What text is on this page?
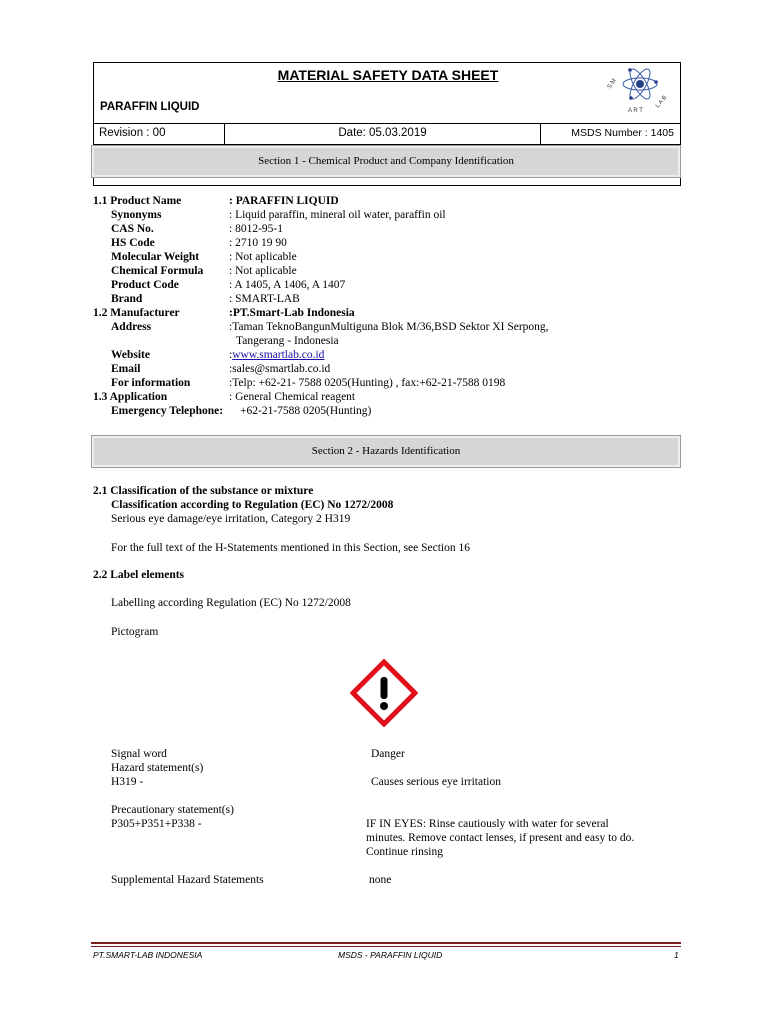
MATERIAL SAFETY DATA SHEET
PARAFFIN LIQUID
Revision : 00	Date: 05.03.2019	MSDS Number : 1405
S M
A R T
L A B
Section 1 - Chemical Product and Company Identification
1.1 Product Name	: PARAFFIN LIQUID
Synonyms	: Liquid paraffin, mineral oil water, paraffin oil
CAS No.	: 8012-95-1
HS Code	: 2710 19 90
Molecular Weight	: Not aplicable
Chemical Formula : Not aplicable
Product Code	: A 1405, A 1406, A 1407
Brand	: SMART-LAB
1.2 Manufacturer	:PT.Smart-Lab Indonesia
Address	:Taman TeknoBangunMultiguna Blok M/36,BSD Sektor XI Serpong,
Tangerang - Indonesia
Website	:www.smartlab.co.id
Email	:sales@smartlab.co.id
For information	:Telp: +62-21- 7588 0205(Hunting) , fax:+62-21-7588 0198
1.3 Application	: General Chemical reagent
Emergency Telephone: +62-21-7588 0205(Hunting)
Section 2 - Hazards Identification
2.1 Classification of the substance or mixture
Classification according to Regulation (EC) No 1272/2008
Serious eye damage/eye irritation, Category 2 H319
For the full text of the H-Statements mentioned in this Section, see Section 16
2.2 Label elements
Labelling according Regulation (EC) No 1272/2008
Pictogram
Signal word	Danger
Hazard statement(s)
H319 -	Causes serious eye irritation
Precautionary statement(s)
P305+P351+P338 -	IF IN EYES: Rinse cautiously with water for several
minutes. Remove contact lenses, if present and easy to do.
Continue rinsing
Supplemental Hazard Statements	none
PT.SMART-LAB INDONESIA	MSDS - PARAFFIN LIQUID	1
